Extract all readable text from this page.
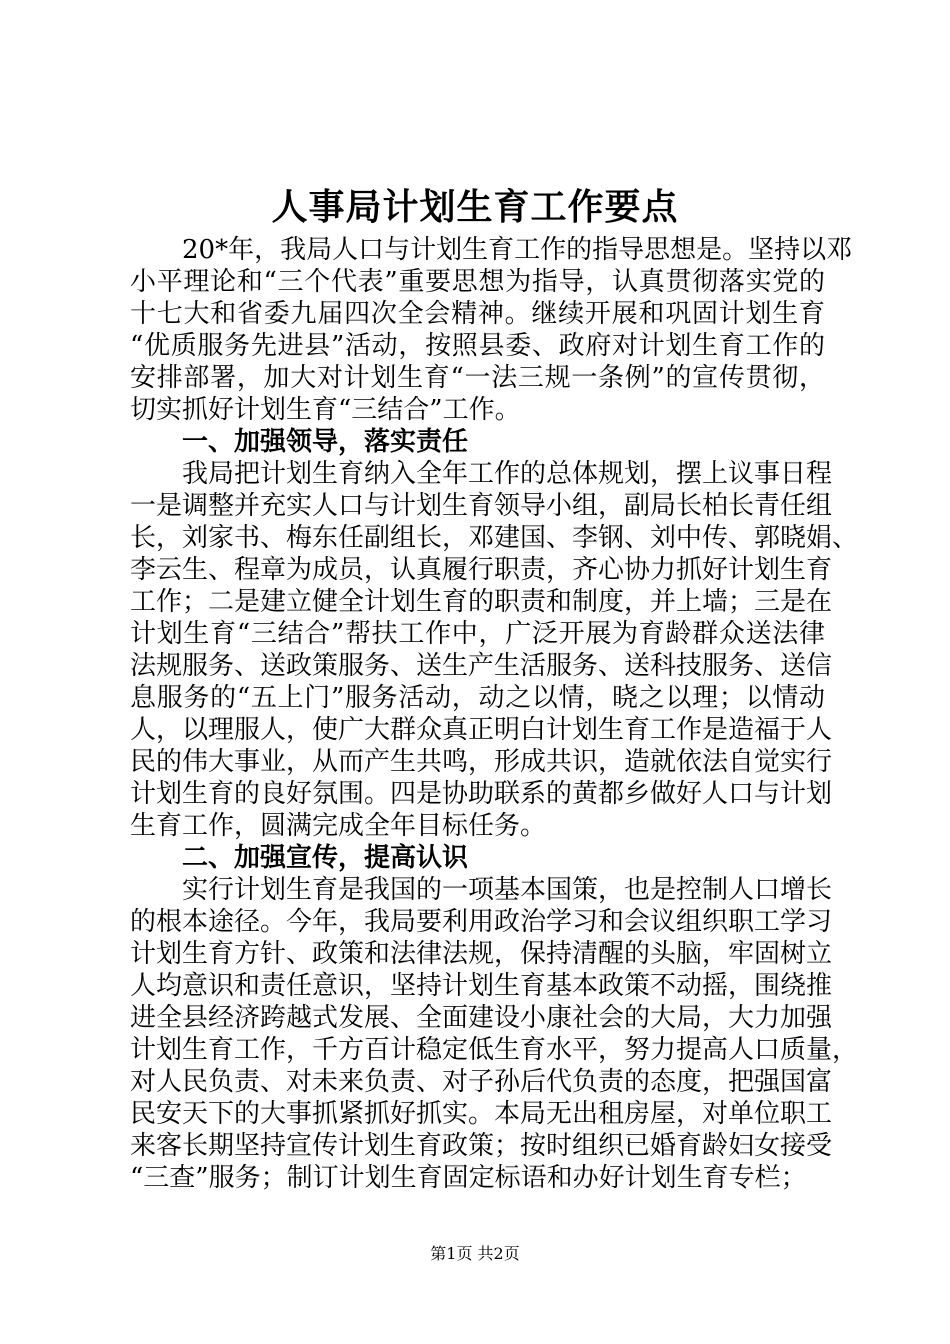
人事局计划生育工作要点
20*年，我局人口与计划生育工作的指导思想是。坚持以邓
小平理论和“三个代表”重要思想为指导，认真贯彻落实党的
十七大和省委九届四次全会精神。继续开展和巩固计划生育
“优质服务先进县”活动，按照县委、政府对计划生育工作的
安排部署，加大对计划生育“一法三规一条例”的宣传贯彻，
切实抓好计划生育“三结合”工作。
一、加强领导，落实责任
我局把计划生育纳入全年工作的总体规划，摆上议事日程
一是调整并充实人口与计划生育领导小组，副局长柏长青任组
长，刘家书、梅东任副组长，邓建国、李钢、刘中传、郭晓娟、
李云生、程章为成员，认真履行职责，齐心协力抓好计划生育
工作；二是建立健全计划生育的职责和制度，并上墙；三是在
计划生育“三结合”帮扶工作中，广泛开展为育龄群众送法律
法规服务、送政策服务、送生产生活服务、送科技服务、送信
息服务的“五上门”服务活动，动之以情，晓之以理；以情动
人，以理服人，使广大群众真正明白计划生育工作是造福于人
民的伟大事业，从而产生共鸣，形成共识，造就依法自觉实行
计划生育的良好氛围。四是协助联系的黄都乡做好人口与计划
生育工作，圆满完成全年目标任务。
二、加强宣传，提高认识
实行计划生育是我国的一项基本国策，也是控制人口增长
的根本途径。今年，我局要利用政治学习和会议组织职工学习
计划生育方针、政策和法律法规，保持清醒的头脑，牢固树立
人均意识和责任意识，坚持计划生育基本政策不动摇，围绕推
进全县经济跨越式发展、全面建设小康社会的大局，大力加强
计划生育工作，千方百计稳定低生育水平，努力提高人口质量，
对人民负责、对未来负责、对子孙后代负责的态度，把强国富
民安天下的大事抓紧抓好抓实。本局无出租房屋，对单位职工
来客长期坚持宣传计划生育政策；按时组织已婚育龄妇女接受
“三查”服务；制订计划生育固定标语和办好计划生育专栏；
第1页 共2页
